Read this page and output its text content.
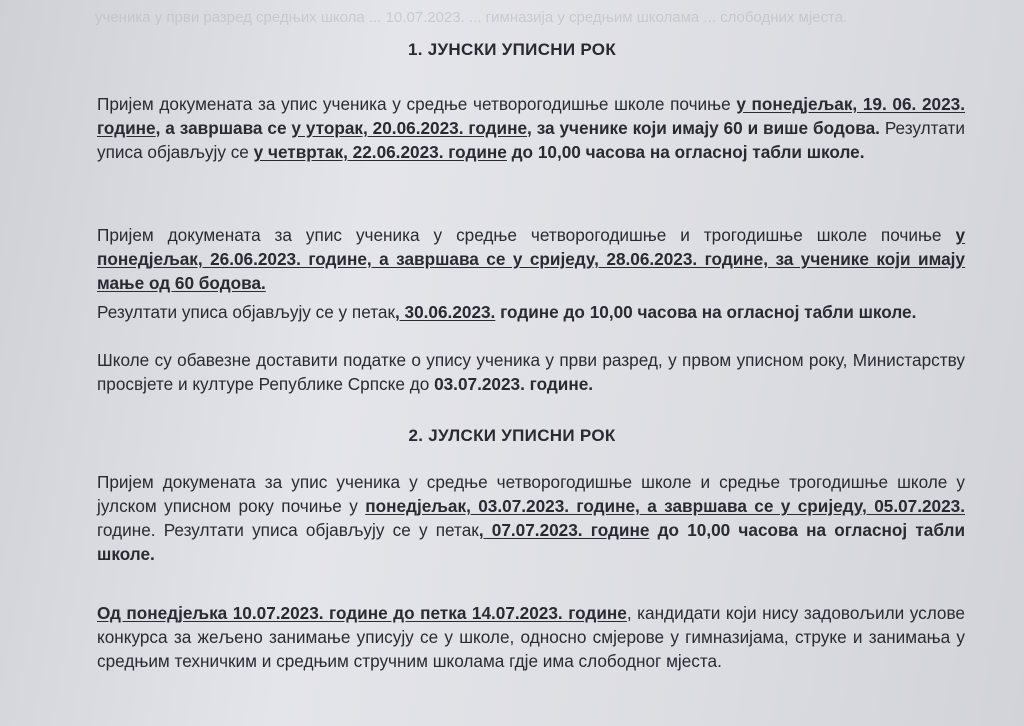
ученика у први разред средњих школа ... 10.07.2023. ... гимназија у средњим школама ... слободних мјеста.
1. ЈУНСКИ УПИСНИ РОК

Пријем докумената за упис ученика у средње четворогодишње школе почиње у понедјељак, 19. 06. 2023. године, а завршава се у уторак, 20.06.2023. године, за ученике који имају 60 и више бодова. Резултати уписа објављују се у четвртак, 22.06.2023. године до 10,00 часова на огласној табли школе.

Пријем докумената за упис ученика у средње четворогодишње и трогодишње школе почиње у понедјељак, 26.06.2023. године, а завршава се у сриједу, 28.06.2023. године, за ученике који имају мање од 60 бодова.

Резултати уписа објављују се у петак, 30.06.2023. године до 10,00 часова на огласној табли школе.

Школе су обавезне доставити податке о упису ученика у први разред, у првом уписном року, Министарству просвјете и културе Републике Српске до 03.07.2023. године.

2. ЈУЛСКИ УПИСНИ РОК

Пријем докумената за упис ученика у средње четворогодишње школе и средње трогодишње школе у јулском уписном року почиње у понедјељак, 03.07.2023. године, а завршава се у сриједу, 05.07.2023. године. Резултати уписа објављују се у петак, 07.07.2023. године до 10,00 часова на огласној табли школе.

Од понедјељка 10.07.2023. године до петка 14.07.2023. године, кандидати који нису задовољили услове конкурса за жељено занимање уписују се у школе, односно смјерове у гимназијама, струке и занимања у средњим техничким и средњим стручним школама гдје има слободног мјеста.
